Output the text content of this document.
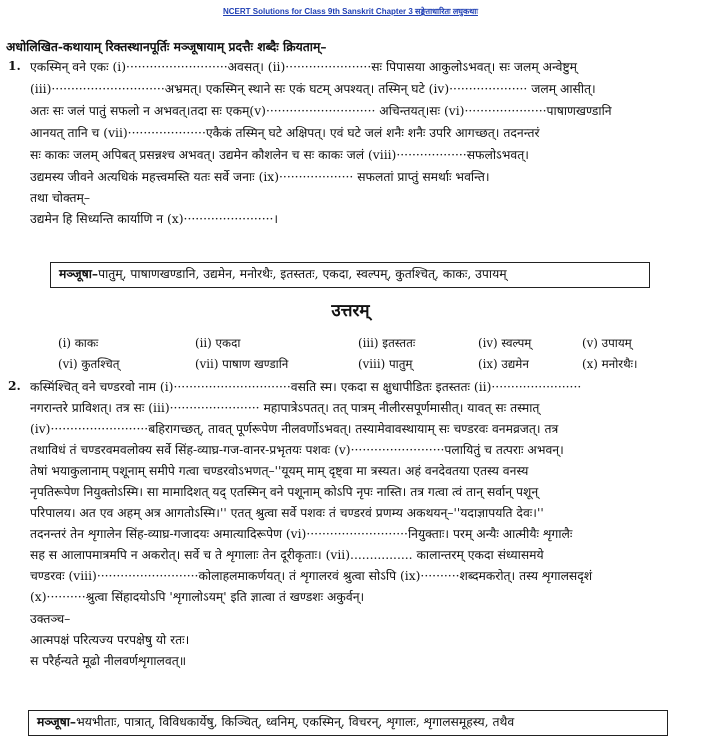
NCERT Solutions for Class 9th Sanskrit Chapter 3 सङ्केताधारितः लघुकथाः
अधोलिखित-कथायाम् रिक्तस्थानपूर्तिः मञ्जूषायाम् प्रदत्तैः शब्दैः क्रियताम्–
1. एकस्मिन् वने एकः (i)··························अवसत्। (ii)······················सः पिपासया आकुलोऽभवत्। सः जलम् अन्वेष्टुम्
(iii)·····························अभ्रमत्। एकस्मिन् स्थाने सः एकं घटम् अपश्यत्। तस्मिन् घटे (iv)···················· जलम् आसीत्।
अतः सः जलं पातुं सफलो न अभवत्।तदा सः एकम्(v)···························· अचिन्तयत्।सः (vi)·····················पाषाणखण्डानि
आनयत् तानि च (vii)····················एकैकं तस्मिन् घटे अक्षिपत्। एवं घटे जलं शनैः शनैः उपरि आगच्छत्। तदनन्तरं
सः काकः जलम् अपिबत् प्रसन्नश्च अभवत्। उद्यमेन कौशलेन च सः काकः जलं (viii)··················सफलोऽभवत्।
उद्यमस्य जीवने अत्यधिकं महत्त्वमस्ति यतः सर्वे जनाः (ix)··················· सफलतां प्राप्तुं समर्थाः भवन्ति।
तथा चोक्तम्–
उद्यमेन हि सिध्यन्ति कार्याणि न (x)·······················।
मञ्जूषा–पातुम्, पाषाणखण्डानि, उद्यमेन, मनोरथैः, इतस्ततः, एकदा, स्वल्पम्, कुतश्चित्, काकः, उपायम्
उत्तरम्
(i) काकः	(ii) एकदा	(iii) इतस्ततः	(iv) स्वल्पम्	(v) उपायम्
(vi) कुतश्चित्	(vii) पाषाण खण्डानि	(viii) पातुम्	(ix) उद्यमेन	(x) मनोरथैः।
2. कस्मिंश्चित् वने चण्डरवो नाम (i)······························वसति स्म। एकदा स क्षुधापीडितः इतस्ततः (ii)·······················
नगरान्तरे प्राविशत्। तत्र सः (iii)······················· महापात्रेऽपतत्। तत् पात्रम् नीलीरसपूर्णमासीत्। यावत् सः तस्मात्
(iv)·························बहिरागच्छत्, तावत् पूर्णरूपेण नीलवर्णोऽभवत्। तस्यामेवावस्थायाम् सः चण्डरवः वनमव्रजत्। तत्र
तथाविधं तं चण्डरवमवलोक्य सर्वे सिंह-व्याघ्र-गज-वानर-प्रभृतयः पशवः (v)························पलायितुं च तत्पराः अभवन्।
तेषां भयाकुलानाम् पशूनाम् समीपे गत्वा चण्डरवोऽभणत्–''यूयम् माम् दृष्ट्वा मा त्रस्यत। अहं वनदेवतया एतस्य वनस्य
नृपतिरूपेण नियुक्तोऽस्मि। सा मामादिशत् यद् एतस्मिन् वने पशूनाम् कोऽपि नृपः नास्ति। तत्र गत्वा त्वं तान् सर्वान् पशून्
परिपालय। अत एव अहम् अत्र आगतोऽस्मि।'' एतत् श्रुत्वा सर्वे पशवः तं चण्डरवं प्रणम्य अकथयन्–''यदाज्ञापयति देवः।''
तदनन्तरं तेन शृगालेन सिंह-व्याघ्र-गजादयः अमात्यादिरूपेण (vi)··························नियुक्ताः। परम् अन्यैः आत्मीयैः शृगालैः
सह स आलापमात्रमपि न अकरोत्। सर्वे च ते शृगालाः तेन दूरीकृताः। (vii)................ कालान्तरम् एकदा संध्यासमये
चण्डरवः (viii)··························कोलाहलमाकर्णयत्। तं शृगालरवं श्रुत्वा सोऽपि (ix)··········शब्दमकरोत्। तस्य शृगालसदृशं
(x)··········श्रुत्वा सिंहादयोऽपि 'शृगालोऽयम्' इति ज्ञात्वा तं खण्डशः अकुर्वन्।
उक्तञ्च–
आत्मपक्षं परित्यज्य परपक्षेषु यो रतः।
स परैर्हन्यते मूढो नीलवर्णशृगालवत्॥
मञ्जूषा–भयभीताः, पात्रात्, विविधकार्येषु, किञ्चित्, ध्वनिम्, एकस्मिन्, विचरन्, शृगालः, शृगालसमूहस्य, तथैव
